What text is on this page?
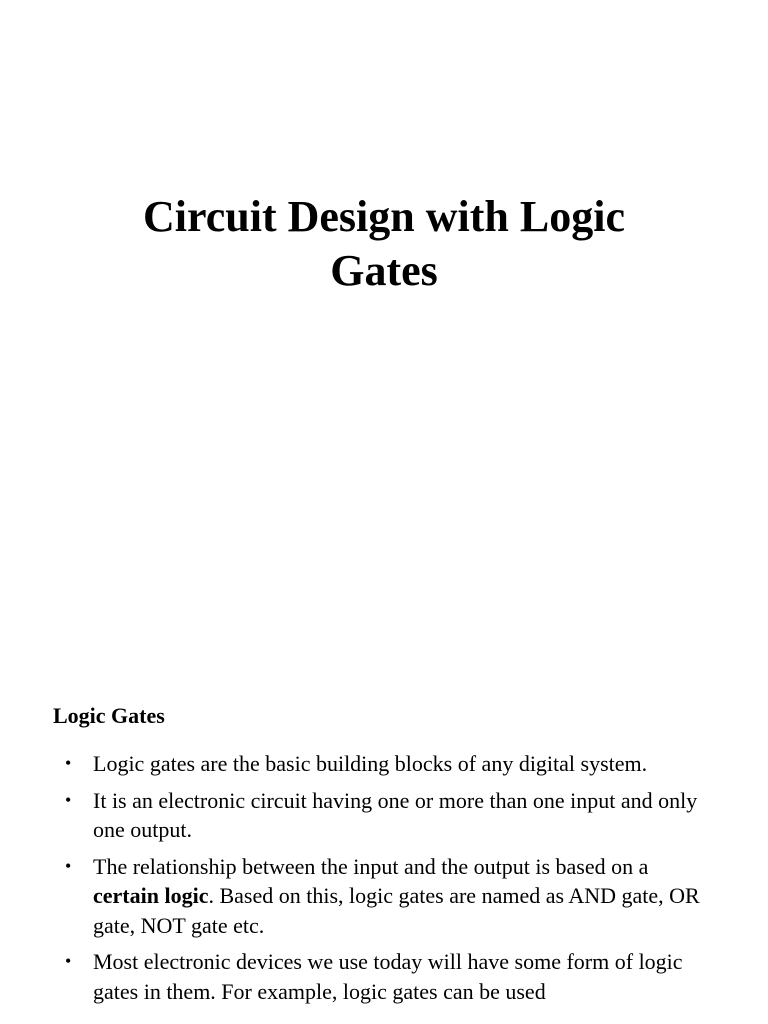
Circuit Design with Logic
Gates
Logic Gates
• Logic gates are the basic building blocks of any digital system.
• It is an electronic circuit having one or more than one input and only one output.
• The relationship between the input and the output is based on a certain logic. Based on this, logic gates are named as AND gate, OR gate, NOT gate etc.
• Most electronic devices we use today will have some form of logic gates in them. For example, logic gates can be used
